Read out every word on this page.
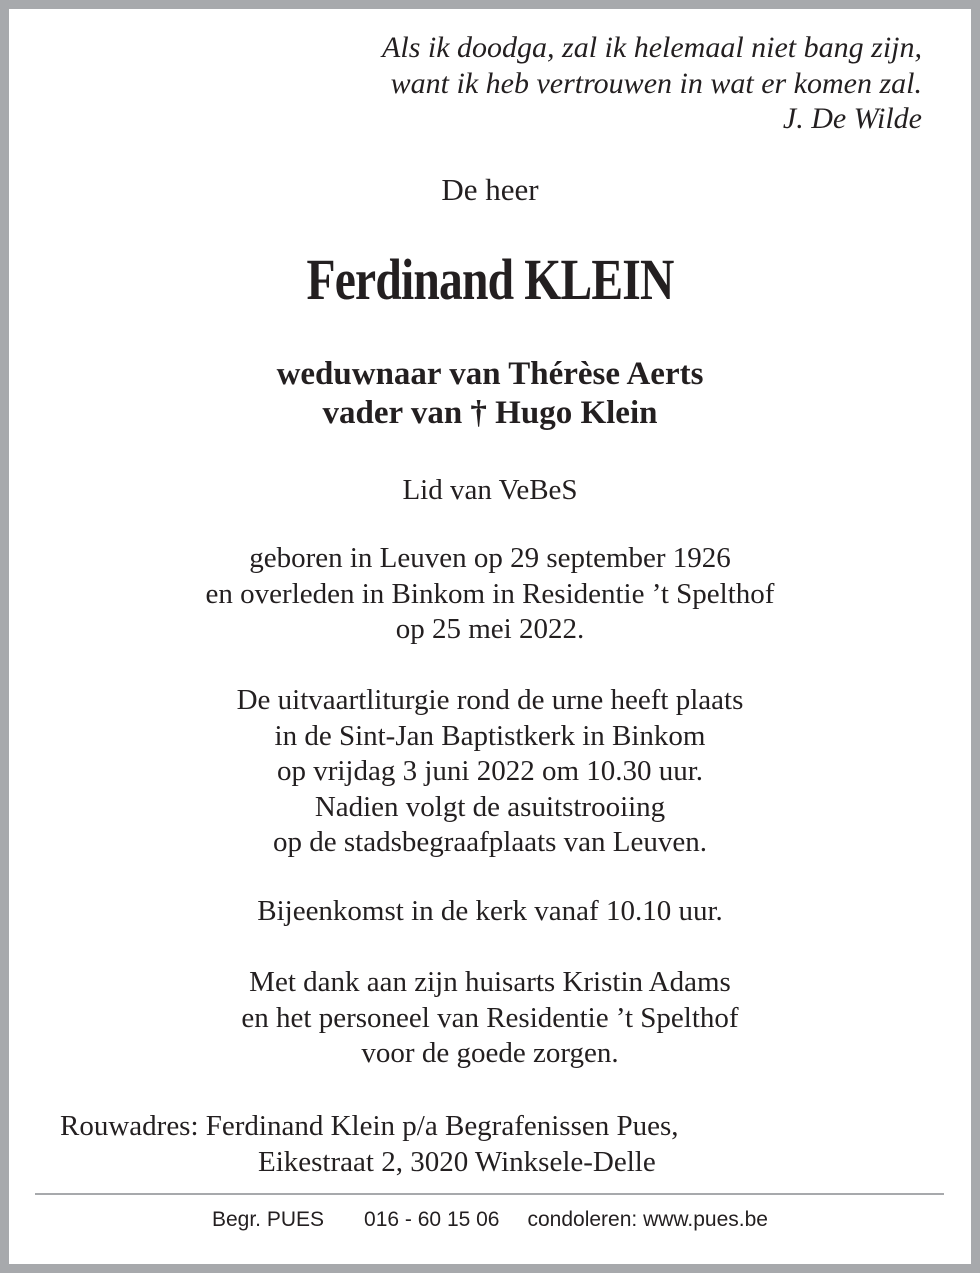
Als ik doodga, zal ik helemaal niet bang zijn,
want ik heb vertrouwen in wat er komen zal.
J. De Wilde
De heer
Ferdinand KLEIN
weduwnaar van Thérèse Aerts
vader van † Hugo Klein
Lid van VeBeS
geboren in Leuven op 29 september 1926
en overleden in Binkom in Residentie ’t Spelthof
op 25 mei 2022.
De uitvaartliturgie rond de urne heeft plaats
in de Sint-Jan Baptistkerk in Binkom
op vrijdag 3 juni 2022 om 10.30 uur.
Nadien volgt de asuitstrooiing
op de stadsbegraafplaats van Leuven.
Bijeenkomst in de kerk vanaf 10.10 uur.
Met dank aan zijn huisarts Kristin Adams
en het personeel van Residentie ’t Spelthof
voor de goede zorgen.
Rouwadres: Ferdinand Klein p/a Begrafenissen Pues,
Eikestraat 2, 3020 Winksele-Delle
Begr. PUES 016 - 60 15 06 condoleren: www.pues.be
